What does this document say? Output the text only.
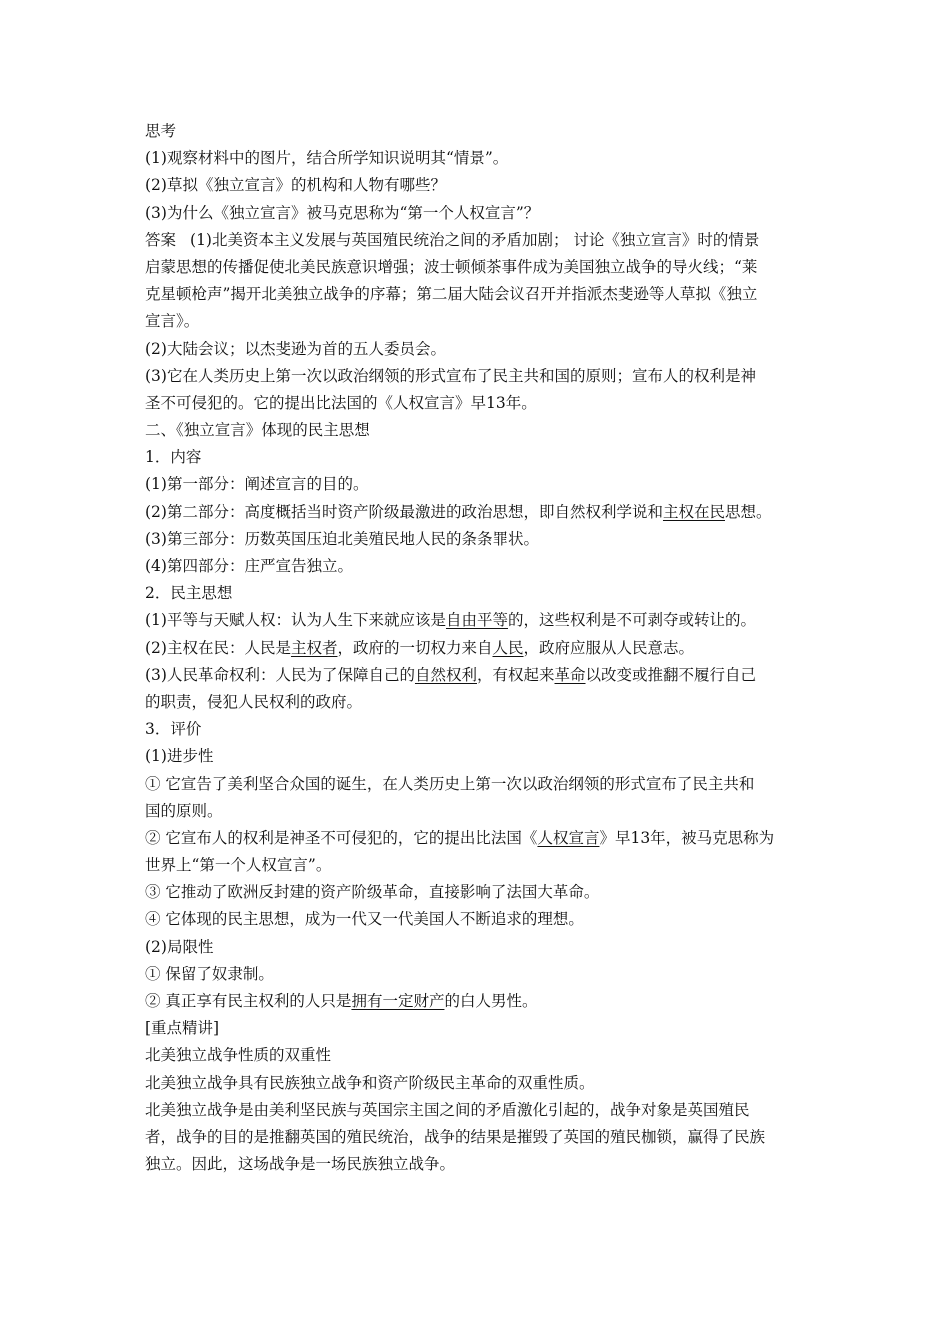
思考
(1)观察材料中的图片，结合所学知识说明其“情景”。
(2)草拟《独立宣言》的机构和人物有哪些？
(3)为什么《独立宣言》被马克思称为“第一个人权宣言”？
答案 (1)北美资本主义发展与英国殖民统治之间的矛盾加剧； 讨论《独立宣言》时的情景
启蒙思想的传播促使北美民族意识增强；波士顿倾茶事件成为美国独立战争的导火线；“莱
克星顿枪声”揭开北美独立战争的序幕；第二届大陆会议召开并指派杰斐逊等人草拟《独立
宣言》。
(2)大陆会议；以杰斐逊为首的五人委员会。
(3)它在人类历史上第一次以政治纲领的形式宣布了民主共和国的原则；宣布人的权利是神
圣不可侵犯的。它的提出比法国的《人权宣言》早13年。
二、《独立宣言》体现的民主思想
1．内容
(1)第一部分：阐述宣言的目的。
(2)第二部分：高度概括当时资产阶级最激进的政治思想，即自然权利学说和主权在民思想。
(3)第三部分：历数英国压迫北美殖民地人民的条条罪状。
(4)第四部分：庄严宣告独立。
2．民主思想
(1)平等与天赋人权：认为人生下来就应该是自由平等的，这些权利是不可剥夺或转让的。
(2)主权在民：人民是主权者，政府的一切权力来自人民，政府应服从人民意志。
(3)人民革命权利：人民为了保障自己的自然权利，有权起来革命以改变或推翻不履行自己
的职责，侵犯人民权利的政府。
3．评价
(1)进步性
① 它宣告了美利坚合众国的诞生，在人类历史上第一次以政治纲领的形式宣布了民主共和
国的原则。
② 它宣布人的权利是神圣不可侵犯的，它的提出比法国《人权宣言》早13年，被马克思称为
世界上“第一个人权宣言”。
③ 它推动了欧洲反封建的资产阶级革命，直接影响了法国大革命。
④ 它体现的民主思想，成为一代又一代美国人不断追求的理想。
(2)局限性
① 保留了奴隶制。
② 真正享有民主权利的人只是拥有一定财产的白人男性。
[重点精讲]
北美独立战争性质的双重性
北美独立战争具有民族独立战争和资产阶级民主革命的双重性质。
北美独立战争是由美利坚民族与英国宗主国之间的矛盾激化引起的，战争对象是英国殖民
者，战争的目的是推翻英国的殖民统治，战争的结果是摧毁了英国的殖民枷锁，赢得了民族
独立。因此，这场战争是一场民族独立战争。
